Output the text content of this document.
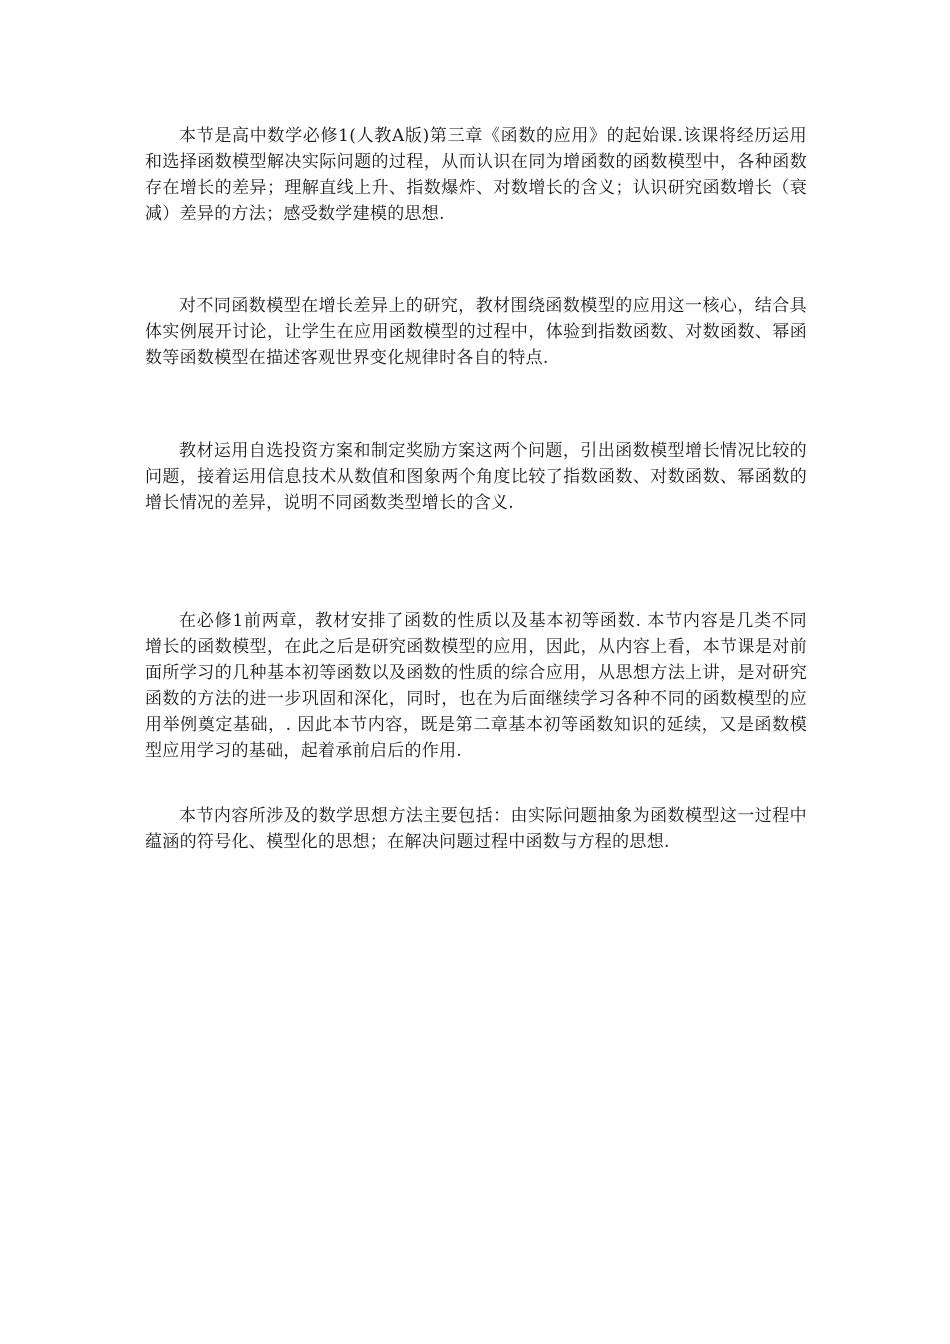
本节是高中数学必修1(人教A版)第三章《函数的应用》的起始课.该课将经历运用和选择函数模型解决实际问题的过程，从而认识在同为增函数的函数模型中，各种函数存在增长的差异；理解直线上升、指数爆炸、对数增长的含义；认识研究函数增长（衰减）差异的方法；感受数学建模的思想.

对不同函数模型在增长差异上的研究，教材围绕函数模型的应用这一核心，结合具体实例展开讨论，让学生在应用函数模型的过程中，体验到指数函数、对数函数、幂函数等函数模型在描述客观世界变化规律时各自的特点.

教材运用自选投资方案和制定奖励方案这两个问题，引出函数模型增长情况比较的问题，接着运用信息技术从数值和图象两个角度比较了指数函数、对数函数、幂函数的增长情况的差异，说明不同函数类型增长的含义.

在必修1前两章，教材安排了函数的性质以及基本初等函数. 本节内容是几类不同增长的函数模型，在此之后是研究函数模型的应用，因此，从内容上看，本节课是对前面所学习的几种基本初等函数以及函数的性质的综合应用，从思想方法上讲，是对研究函数的方法的进一步巩固和深化，同时，也在为后面继续学习各种不同的函数模型的应用举例奠定基础，. 因此本节内容，既是第二章基本初等函数知识的延续，又是函数模型应用学习的基础，起着承前启后的作用.

本节内容所涉及的数学思想方法主要包括：由实际问题抽象为函数模型这一过程中蕴涵的符号化、模型化的思想；在解决问题过程中函数与方程的思想.
